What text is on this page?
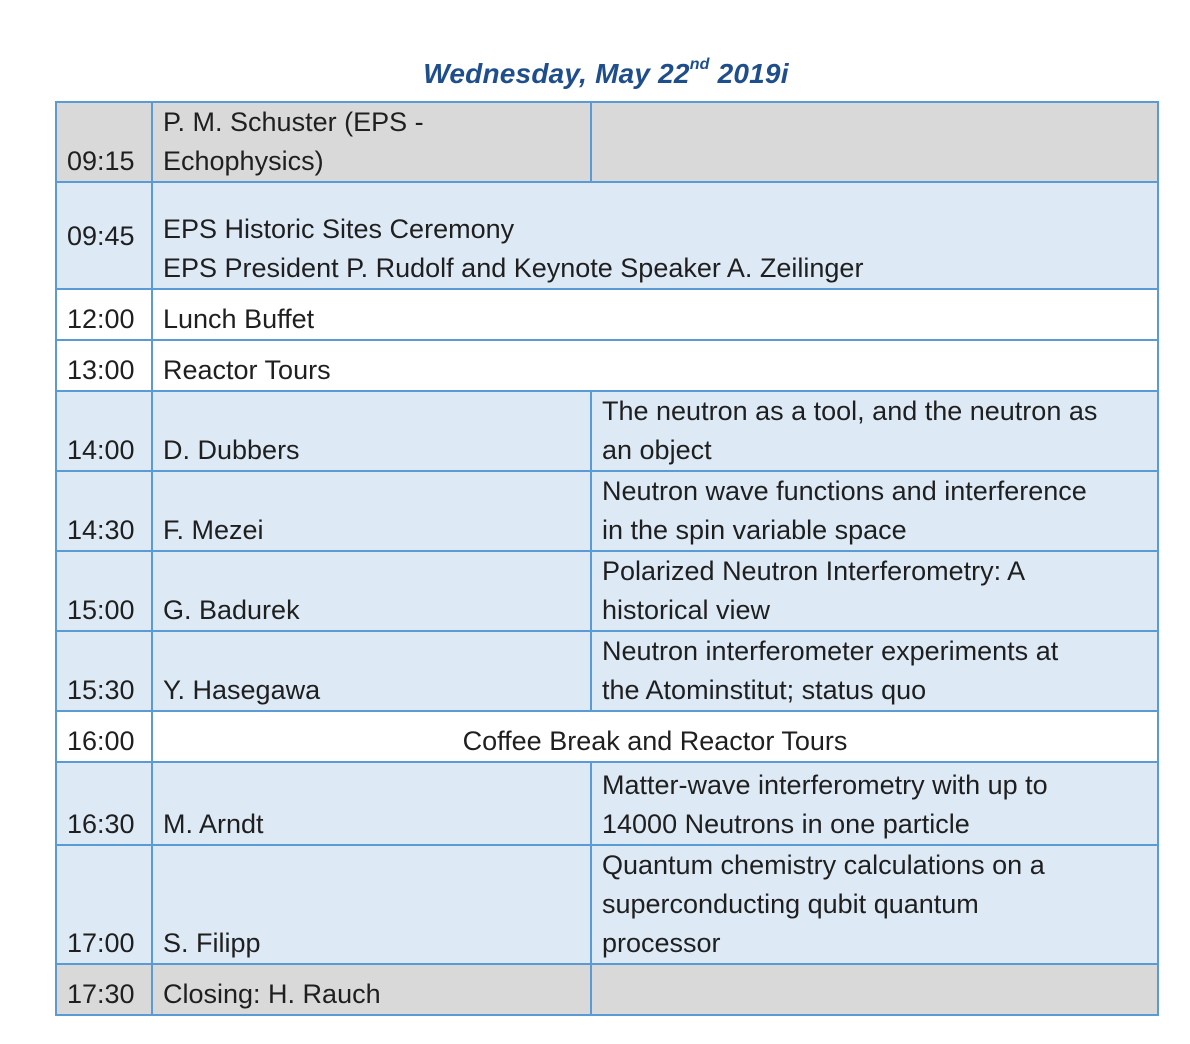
Wednesday, May 22nd 2019i
09:15	P. M. Schuster (EPS -
Echophysics)	

09:45	EPS Historic Sites Ceremony
EPS President P. Rudolf and Keynote Speaker A. Zeilinger	

12:00	Lunch Buffet	
13:00	Reactor Tours	
14:00	D. Dubbers	The neutron as a tool, and the neutron as
an object

14:30	F. Mezei	Neutron wave functions and interference
in the spin variable space

15:00	G. Badurek	Polarized Neutron Interferometry: A
historical view

15:30	Y. Hasegawa	Neutron interferometer experiments at
the Atominstitut; status quo

16:00	Coffee Break and Reactor Tours	
16:30	M. Arndt	Matter-wave interferometry with up to
14000 Neutrons in one particle

17:00	S. Filipp	Quantum chemistry calculations on a
superconducting qubit quantum
processor

17:30	Closing: H. Rauch	
